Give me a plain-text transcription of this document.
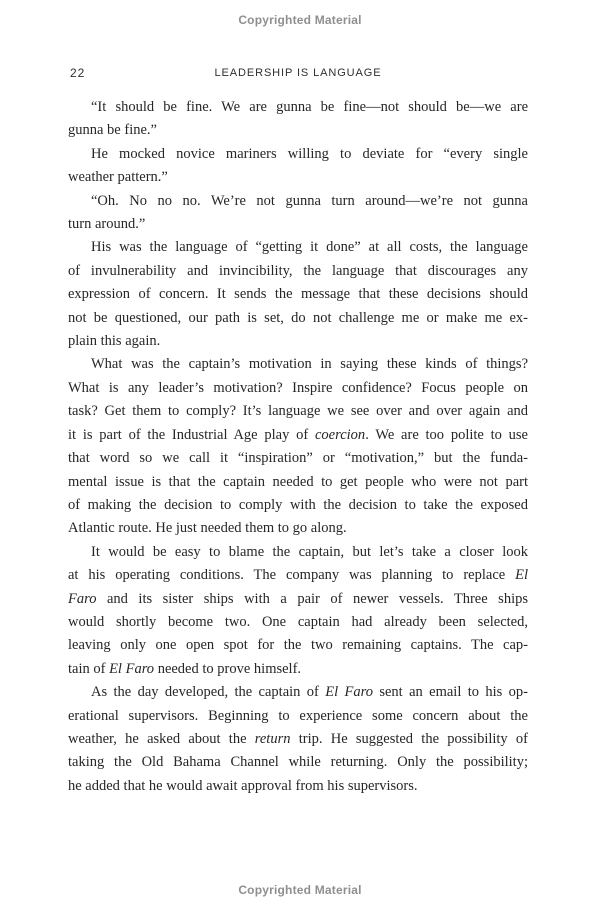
Copyrighted Material
22	LEADERSHIP IS LANGUAGE
“It should be fine. We are gunna be fine—not should be—we are
gunna be fine.”
He mocked novice mariners willing to deviate for “every single
weather pattern.”
“Oh. No no no. We’re not gunna turn around—we’re not gunna
turn around.”
His was the language of “getting it done” at all costs, the language
of invulnerability and invincibility, the language that discourages any
expression of concern. It sends the message that these decisions should
not be questioned, our path is set, do not challenge me or make me ex-
plain this again.
What was the captain’s motivation in saying these kinds of things?
What is any leader’s motivation? Inspire confidence? Focus people on
task? Get them to comply? It’s language we see over and over again and
it is part of the Industrial Age play of coercion. We are too polite to use
that word so we call it “inspiration” or “motivation,” but the funda-
mental issue is that the captain needed to get people who were not part
of making the decision to comply with the decision to take the exposed
Atlantic route. He just needed them to go along.
It would be easy to blame the captain, but let’s take a closer look
at his operating conditions. The company was planning to replace El
Faro and its sister ships with a pair of newer vessels. Three ships
would shortly become two. One captain had already been selected,
leaving only one open spot for the two remaining captains. The cap-
tain of El Faro needed to prove himself.
As the day developed, the captain of El Faro sent an email to his op-
erational supervisors. Beginning to experience some concern about the
weather, he asked about the return trip. He suggested the possibility of
taking the Old Bahama Channel while returning. Only the possibility;
he added that he would await approval from his supervisors.
Copyrighted Material
